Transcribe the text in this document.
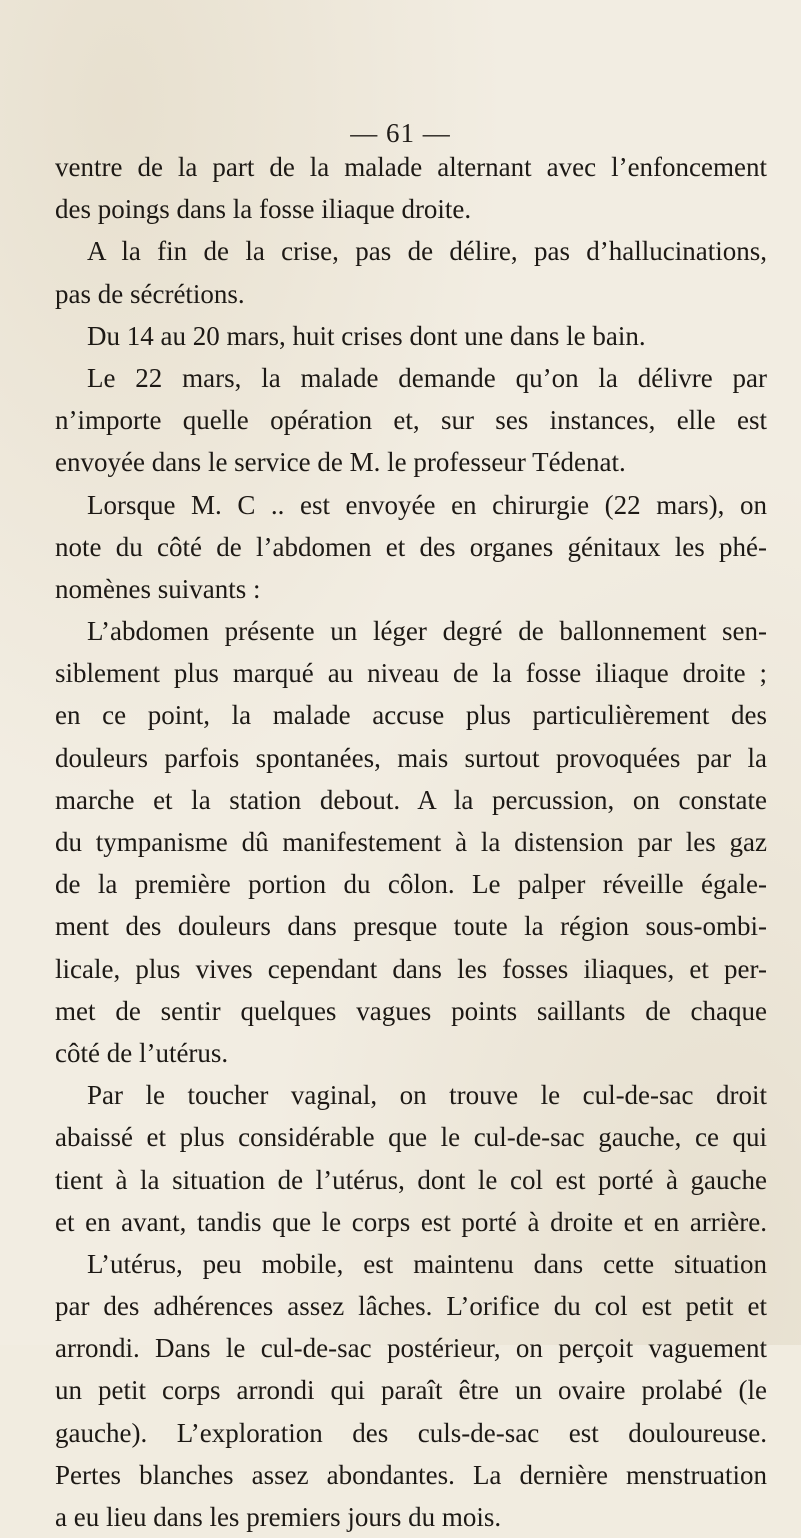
— 61 —
ventre de la part de la malade alternant avec l’enfoncement
des poings dans la fosse iliaque droite.
A la fin de la crise, pas de délire, pas d’hallucinations,
pas de sécrétions.
Du 14 au 20 mars, huit crises dont une dans le bain.
Le 22 mars, la malade demande qu’on la délivre par
n’importe quelle opération et, sur ses instances, elle est
envoyée dans le service de M. le professeur Tédenat.
Lorsque M. C .. est envoyée en chirurgie (22 mars), on
note du côté de l’abdomen et des organes génitaux les phé-
nomènes suivants :
L’abdomen présente un léger degré de ballonnement sen-
siblement plus marqué au niveau de la fosse iliaque droite ;
en ce point, la malade accuse plus particulièrement des
douleurs parfois spontanées, mais surtout provoquées par la
marche et la station debout. A la percussion, on constate
du tympanisme dû manifestement à la distension par les gaz
de la première portion du côlon. Le palper réveille égale-
ment des douleurs dans presque toute la région sous-ombi-
licale, plus vives cependant dans les fosses iliaques, et per-
met de sentir quelques vagues points saillants de chaque
côté de l’utérus.
Par le toucher vaginal, on trouve le cul-de-sac droit
abaissé et plus considérable que le cul-de-sac gauche, ce qui
tient à la situation de l’utérus, dont le col est porté à gauche
et en avant, tandis que le corps est porté à droite et en arrière.
L’utérus, peu mobile, est maintenu dans cette situation
par des adhérences assez lâches. L’orifice du col est petit et
arrondi. Dans le cul-de-sac postérieur, on perçoit vaguement
un petit corps arrondi qui paraît être un ovaire prolabé (le
gauche). L’exploration des culs-de-sac est douloureuse.
Pertes blanches assez abondantes. La dernière menstruation
a eu lieu dans les premiers jours du mois.
